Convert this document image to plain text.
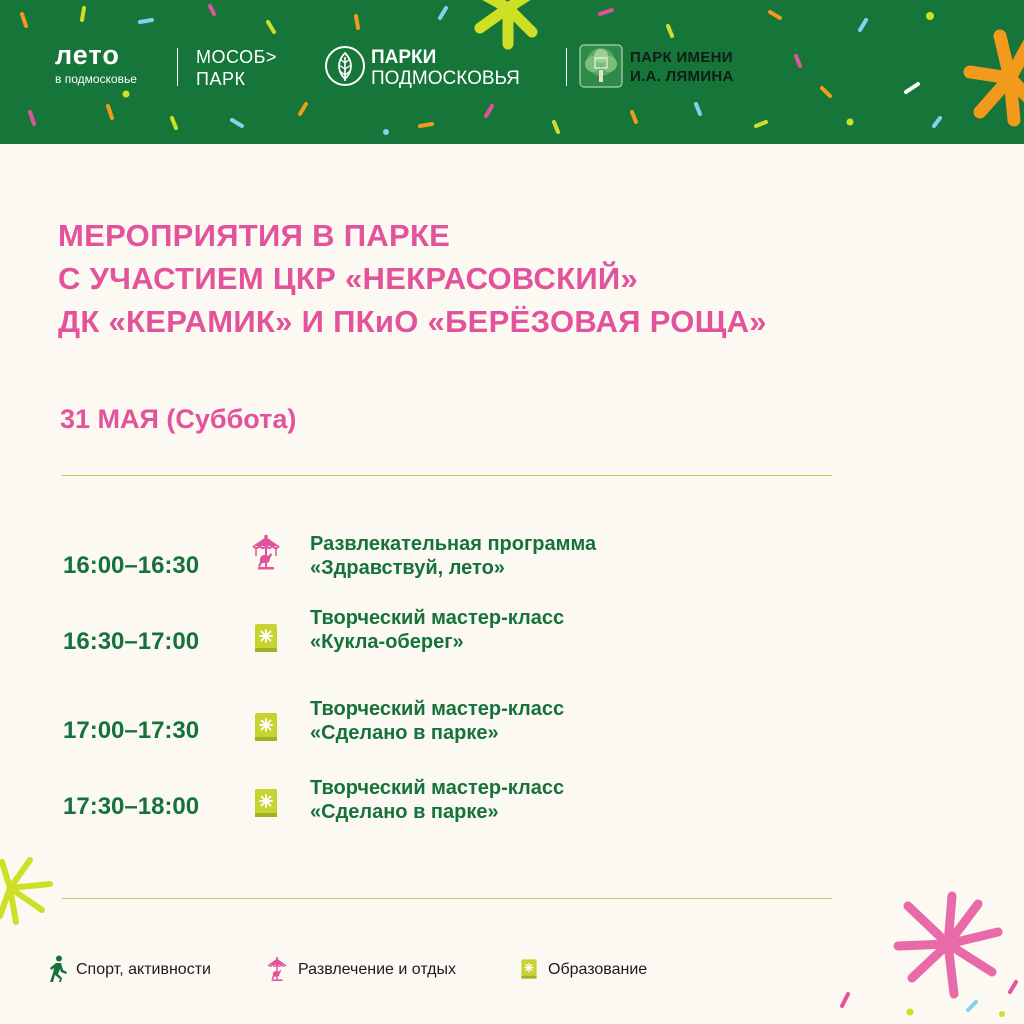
лето
в подмосковье
МОСОБ>
ПАРК
ПАРКИ
ПОДМОСКОВЬЯ
ПАРК ИМЕНИ
И.А. ЛЯМИНА
МЕРОПРИЯТИЯ В ПАРКЕ
С УЧАСТИЕМ ЦКР «НЕКРАСОВСКИЙ»
ДК «КЕРАМИК» И ПКиО «БЕРЁЗОВАЯ РОЩА»
31 МАЯ (Суббота)
16:00–16:30
Развлекательная программа
«Здравствуй, лето»
16:30–17:00
Творческий мастер-класс
«Кукла-оберег»
17:00–17:30
Творческий мастер-класс
«Сделано в парке»
17:30–18:00
Творческий мастер-класс
«Сделано в парке»
Спорт, активности	Развлечение и отдых	Образование
